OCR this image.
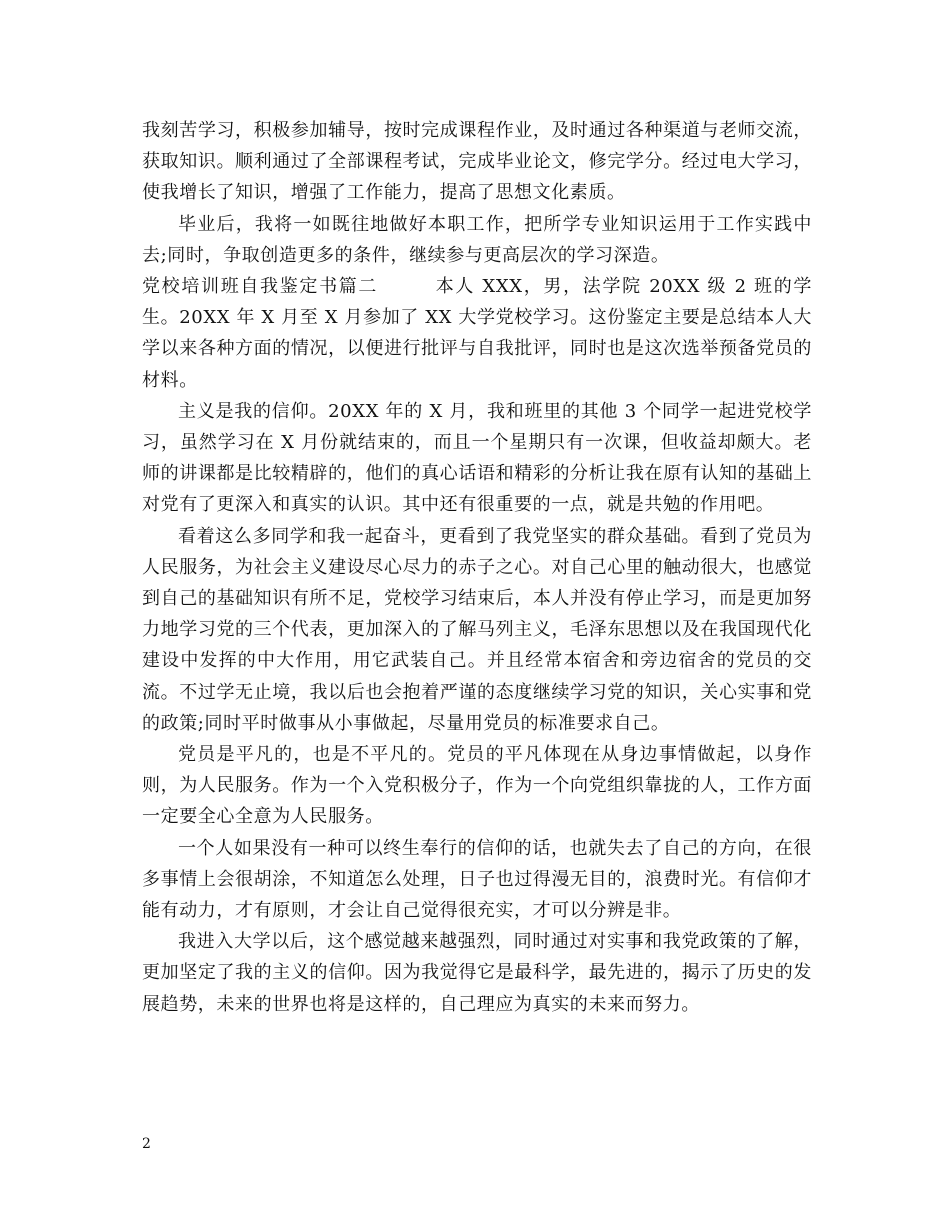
我刻苦学习，积极参加辅导，按时完成课程作业，及时通过各种渠道与老师交流，获取知识。顺利通过了全部课程考试，完成毕业论文，修完学分。经过电大学习，使我增长了知识，增强了工作能力，提高了思想文化素质。

毕业后，我将一如既往地做好本职工作，把所学专业知识运用于工作实践中去;同时，争取创造更多的条件，继续参与更高层次的学习深造。

党校培训班自我鉴定书篇二	本人 XXX，男，法学院 20XX 级 2 班的学生。20XX 年 X 月至 X 月参加了 XX 大学党校学习。这份鉴定主要是总结本人大学以来各种方面的情况，以便进行批评与自我批评，同时也是这次选举预备党员的材料。

主义是我的信仰。20XX 年的 X 月，我和班里的其他 3 个同学一起进党校学习，虽然学习在 X 月份就结束的，而且一个星期只有一次课，但收益却颇大。老师的讲课都是比较精辟的，他们的真心话语和精彩的分析让我在原有认知的基础上对党有了更深入和真实的认识。其中还有很重要的一点，就是共勉的作用吧。

看着这么多同学和我一起奋斗，更看到了我党坚实的群众基础。看到了党员为人民服务，为社会主义建设尽心尽力的赤子之心。对自己心里的触动很大，也感觉到自己的基础知识有所不足，党校学习结束后，本人并没有停止学习，而是更加努力地学习党的三个代表，更加深入的了解马列主义，毛泽东思想以及在我国现代化建设中发挥的中大作用，用它武装自己。并且经常本宿舍和旁边宿舍的党员的交流。不过学无止境，我以后也会抱着严谨的态度继续学习党的知识，关心实事和党的政策;同时平时做事从小事做起，尽量用党员的标准要求自己。

党员是平凡的，也是不平凡的。党员的平凡体现在从身边事情做起，以身作则，为人民服务。作为一个入党积极分子，作为一个向党组织靠拢的人，工作方面一定要全心全意为人民服务。

一个人如果没有一种可以终生奉行的信仰的话，也就失去了自己的方向，在很多事情上会很胡涂，不知道怎么处理，日子也过得漫无目的，浪费时光。有信仰才能有动力，才有原则，才会让自己觉得很充实，才可以分辨是非。

我进入大学以后，这个感觉越来越强烈，同时通过对实事和我党政策的了解，更加坚定了我的主义的信仰。因为我觉得它是最科学，最先进的，揭示了历史的发展趋势，未来的世界也将是这样的，自己理应为真实的未来而努力。

2
